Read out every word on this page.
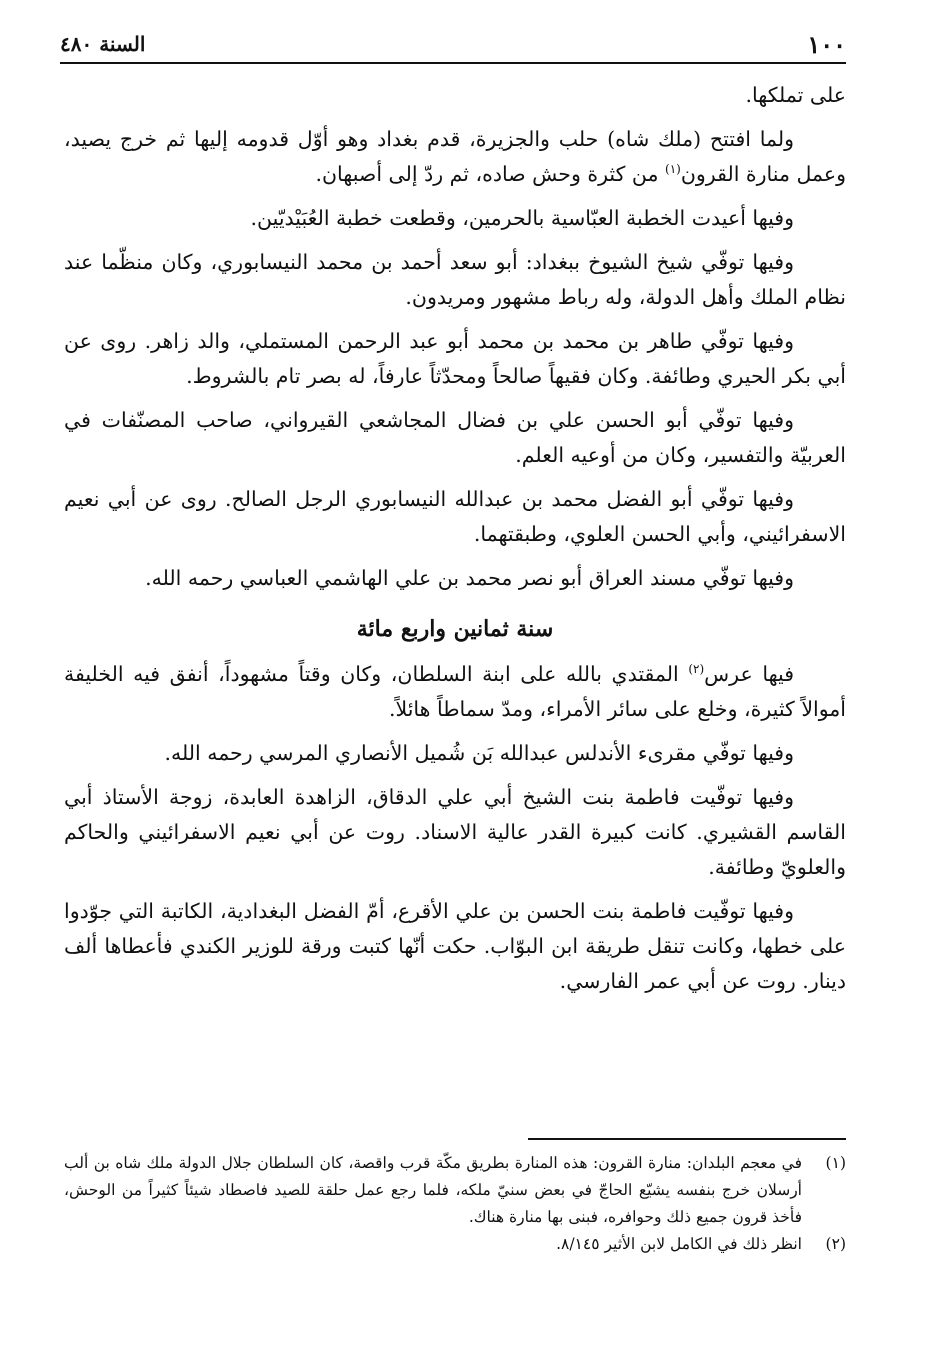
١٠٠
السنة ٤٨٠

على تملكها.

ولما افتتح (ملك شاه) حلب والجزيرة، قدم بغداد وهو أوّل قدومه إليها ثم خرج يصيد، وعمل منارة القرون$^{(١)}$ من كثرة وحش صاده، ثم ردّ إلى أصبهان.

وفيها أعيدت الخطبة العبّاسية بالحرمين، وقطعت خطبة العُبَيْديّين.

وفيها توفّي شيخ الشيوخ ببغداد: أبو سعد أحمد بن محمد النيسابوري، وكان منظّما عند نظام الملك وأهل الدولة، وله رباط مشهور ومريدون.

وفيها توفّي طاهر بن محمد بن محمد أبو عبد الرحمن المستملي، والد زاهر. روى عن أبي بكر الحيري وطائفة. وكان فقيهاً صالحاً ومحدّثاً عارفاً، له بصر تام بالشروط.

وفيها توفّي أبو الحسن علي بن فضال المجاشعي القيرواني، صاحب المصنّفات في العربيّة والتفسير، وكان من أوعيه العلم.

وفيها توفّي أبو الفضل محمد بن عبدالله النيسابوري الرجل الصالح. روى عن أبي نعيم الاسفرائيني، وأبي الحسن العلوي، وطبقتهما.

وفيها توفّي مسند العراق أبو نصر محمد بن علي الهاشمي العباسي رحمه الله.

سنة ثمانين واربع مائة

فيها عرس$^{(٢)}$ المقتدي بالله على ابنة السلطان، وكان وقتاً مشهوداً، أنفق فيه الخليفة أموالاً كثيرة، وخلع على سائر الأمراء، ومدّ سماطاً هائلاً.

وفيها توفّي مقرىء الأندلس عبدالله بَن شُميل الأنصاري المرسي رحمه الله.

وفيها توفّيت فاطمة بنت الشيخ أبي علي الدقاق، الزاهدة العابدة، زوجة الأستاذ أبي القاسم القشيري. كانت كبيرة القدر عالية الاسناد. روت عن أبي نعيم الاسفرائيني والحاكم والعلويّ وطائفة.

وفيها توفّيت فاطمة بنت الحسن بن علي الأقرع، أمّ الفضل البغدادية، الكاتبة التي جوّدوا على خطها، وكانت تنقل طريقة ابن البوّاب. حكت أنّها كتبت ورقة للوزير الكندي فأعطاها ألف دينار. روت عن أبي عمر الفارسي.

(١)
في معجم البلدان: منارة القرون: هذه المنارة بطريق مكّة قرب واقصة، كان السلطان جلال الدولة ملك شاه بن ألب أرسلان خرج بنفسه يشيّع الحاجّ في بعض سنيّ ملكه، فلما رجع عمل حلقة للصيد فاصطاد شيئاً كثيراً من الوحش، فأخذ قرون جميع ذلك وحوافره، فبنى بها منارة هناك.
(٢)
انظر ذلك في الكامل لابن الأثير ٨/١٤٥.
